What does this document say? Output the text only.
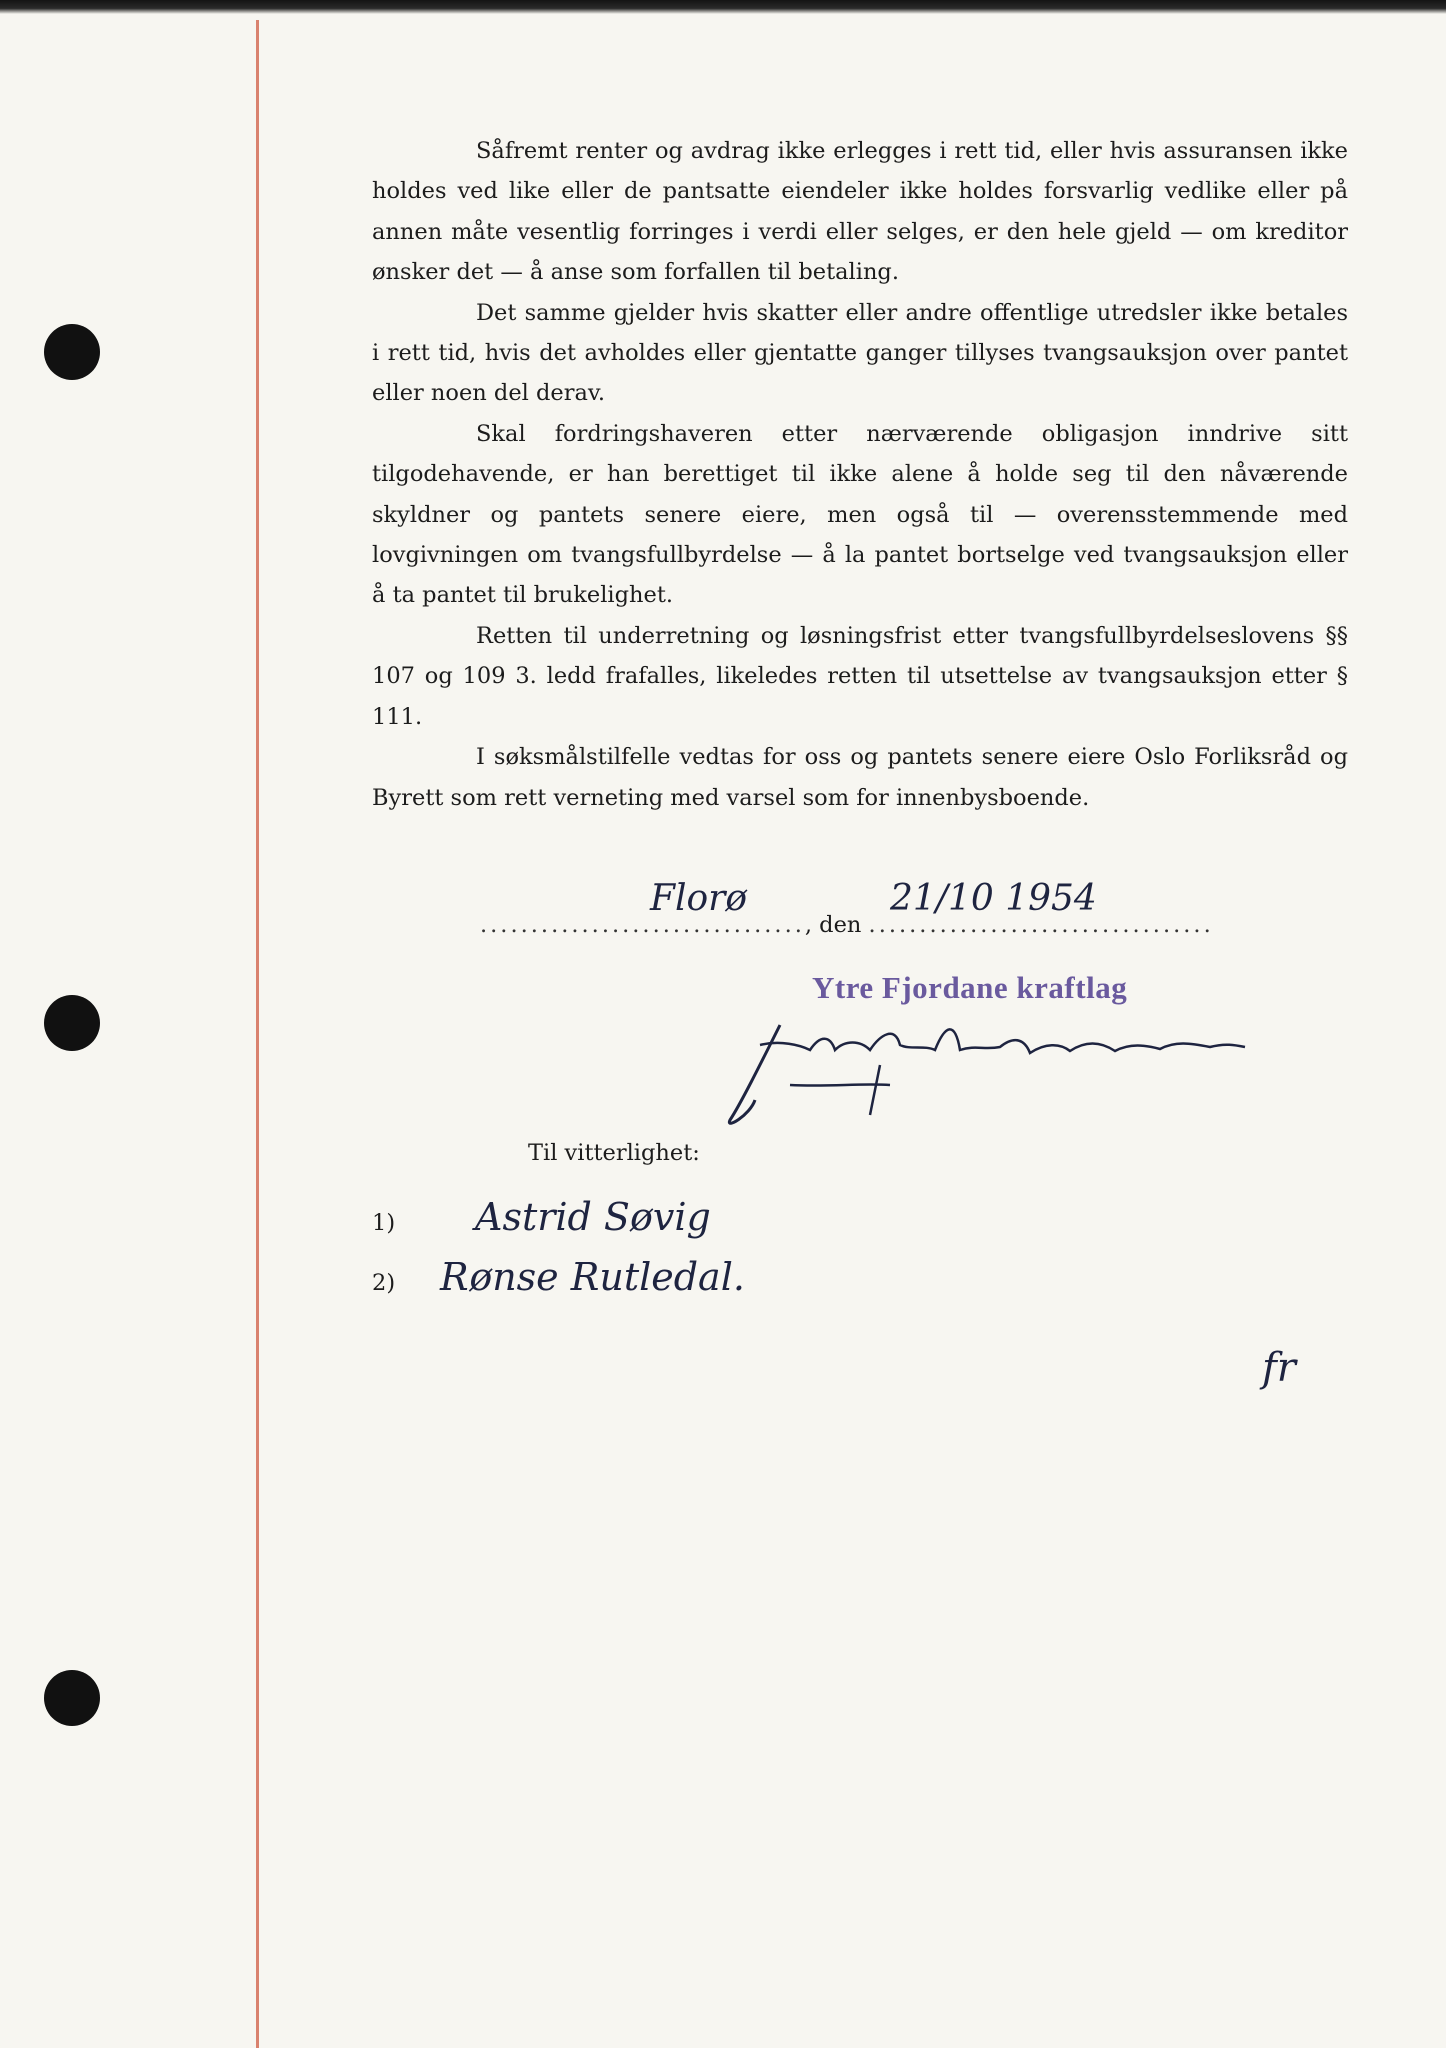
Såfremt renter og avdrag ikke erlegges i rett tid, eller hvis assuransen ikke holdes ved like eller de pantsatte eiendeler ikke holdes forsvarlig vedlike eller på annen måte vesentlig forringes i verdi eller selges, er den hele gjeld — om kreditor ønsker det — å anse som forfallen til betaling.

Det samme gjelder hvis skatter eller andre offentlige utredsler ikke betales i rett tid, hvis det avholdes eller gjentatte ganger tillyses tvangsauksjon over pantet eller noen del derav.

Skal fordringshaveren etter nærværende obligasjon inndrive sitt tilgodehavende, er han berettiget til ikke alene å holde seg til den nåværende skyldner og pantets senere eiere, men også til — overensstemmende med lovgivningen om tvangsfullbyrdelse — å la pantet bortselge ved tvangsauksjon eller å ta pantet til brukelighet.

Retten til underretning og løsningsfrist etter tvangsfullbyrdelseslovens §§ 107 og 109 3. ledd frafalles, likeledes retten til utsettelse av tvangsauksjon etter § 111.

I søksmålstilfelle vedtas for oss og pantets senere eiere Oslo Forliksråd og Byrett som rett verneting med varsel som for innenbysboende.

................................, den ..................................
Florø	21/10 1954
Ytre Fjordane kraftlag
Til vitterlighet:
1) Astrid Søvig
2) Rønse Rutledal.
fr
